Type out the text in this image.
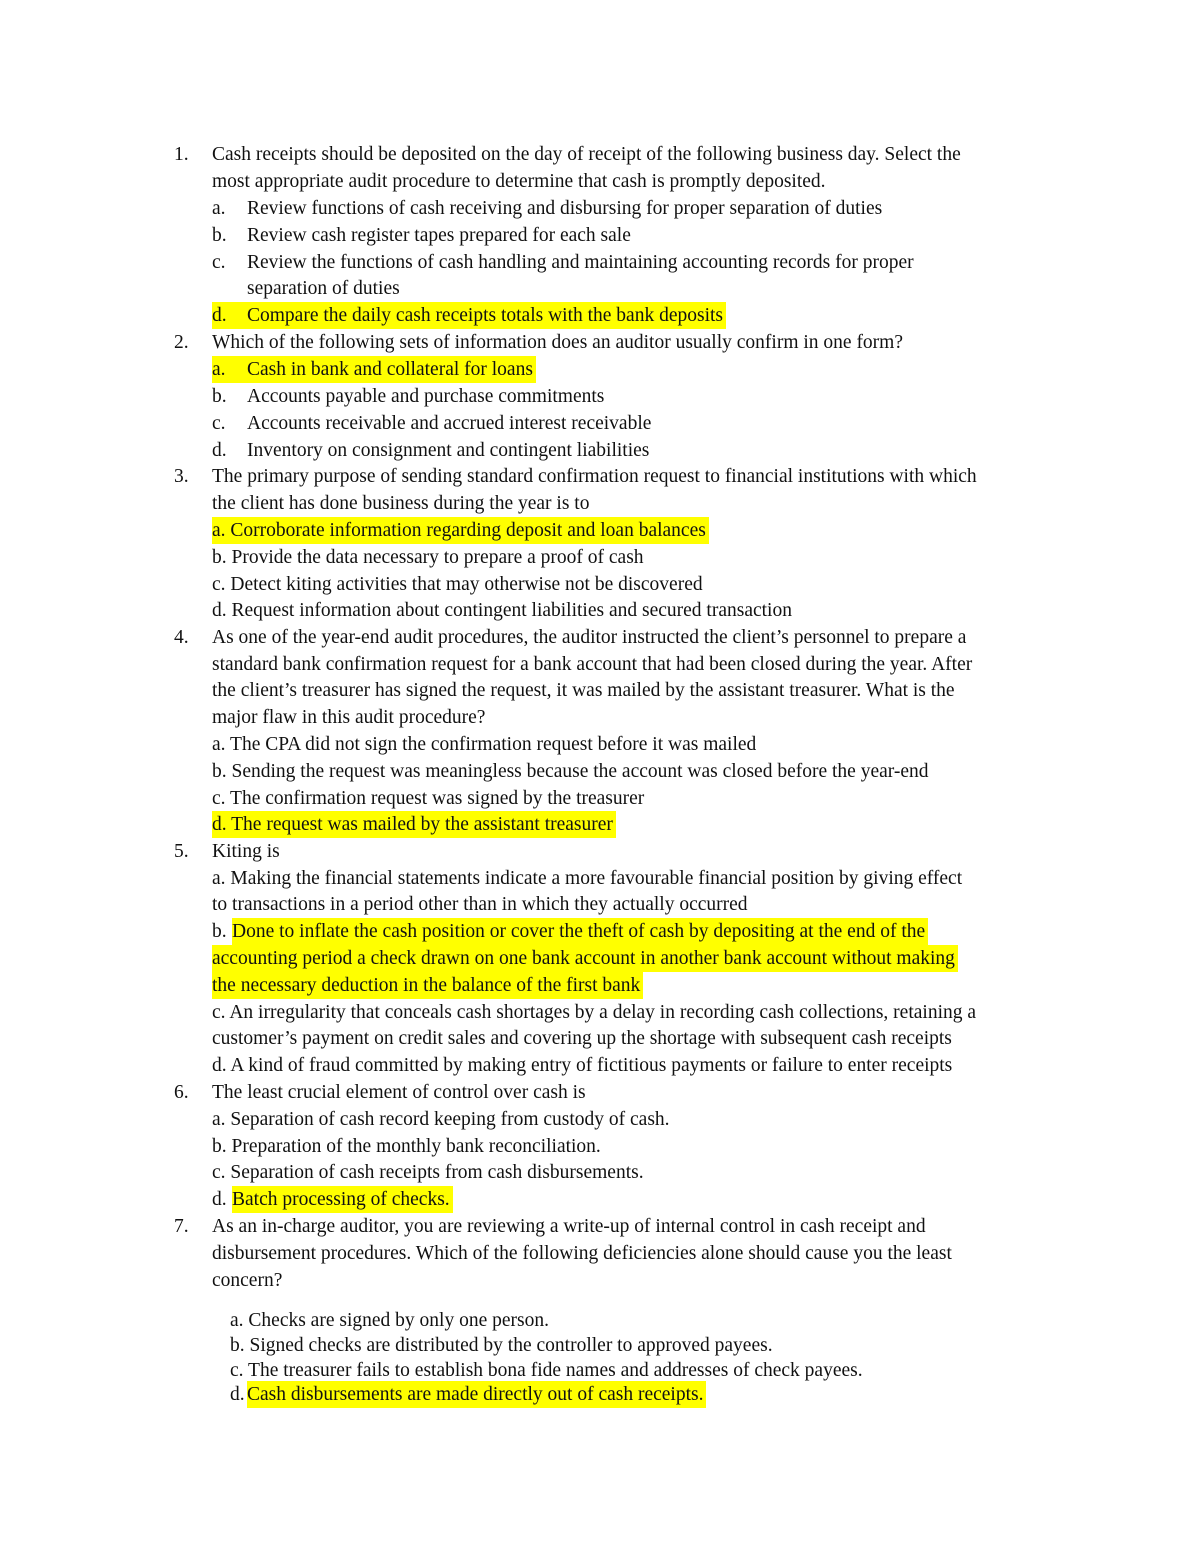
1.	Cash receipts should be deposited on the day of receipt of the following business day. Select the
most appropriate audit procedure to determine that cash is promptly deposited.
a.	Review functions of cash receiving and disbursing for proper separation of duties
b.	Review cash register tapes prepared for each sale
c.	Review the functions of cash handling and maintaining accounting records for proper
separation of duties
d. Compare the daily cash receipts totals with the bank deposits
2.	Which of the following sets of information does an auditor usually confirm in one form?
a. Cash in bank and collateral for loans
b.	Accounts payable and purchase commitments
c.	Accounts receivable and accrued interest receivable
d.	Inventory on consignment and contingent liabilities
3.	The primary purpose of sending standard confirmation request to financial institutions with which
the client has done business during the year is to
a. Corroborate information regarding deposit and loan balances
b. Provide the data necessary to prepare a proof of cash
c. Detect kiting activities that may otherwise not be discovered
d. Request information about contingent liabilities and secured transaction
4.	As one of the year-end audit procedures, the auditor instructed the client’s personnel to prepare a
standard bank confirmation request for a bank account that had been closed during the year. After
the client’s treasurer has signed the request, it was mailed by the assistant treasurer. What is the
major flaw in this audit procedure?
a. The CPA did not sign the confirmation request before it was mailed
b. Sending the request was meaningless because the account was closed before the year-end
c. The confirmation request was signed by the treasurer
d. The request was mailed by the assistant treasurer
5.	Kiting is
a. Making the financial statements indicate a more favourable financial position by giving effect
to transactions in a period other than in which they actually occurred
b. Done to inflate the cash position or cover the theft of cash by depositing at the end of the
accounting period a check drawn on one bank account in another bank account without making
the necessary deduction in the balance of the first bank
c. An irregularity that conceals cash shortages by a delay in recording cash collections, retaining a
customer’s payment on credit sales and covering up the shortage with subsequent cash receipts
d. A kind of fraud committed by making entry of fictitious payments or failure to enter receipts
6.	The least crucial element of control over cash is
a. Separation of cash record keeping from custody of cash.
b. Preparation of the monthly bank reconciliation.
c. Separation of cash receipts from cash disbursements.
d. Batch processing of checks.
7.	As an in-charge auditor, you are reviewing a write-up of internal control in cash receipt and
disbursement procedures. Which of the following deficiencies alone should cause you the least
concern?
a. Checks are signed by only one person.
b. Signed checks are distributed by the controller to approved payees.
c. The treasurer fails to establish bona fide names and addresses of check payees.
d. Cash disbursements are made directly out of cash receipts.
